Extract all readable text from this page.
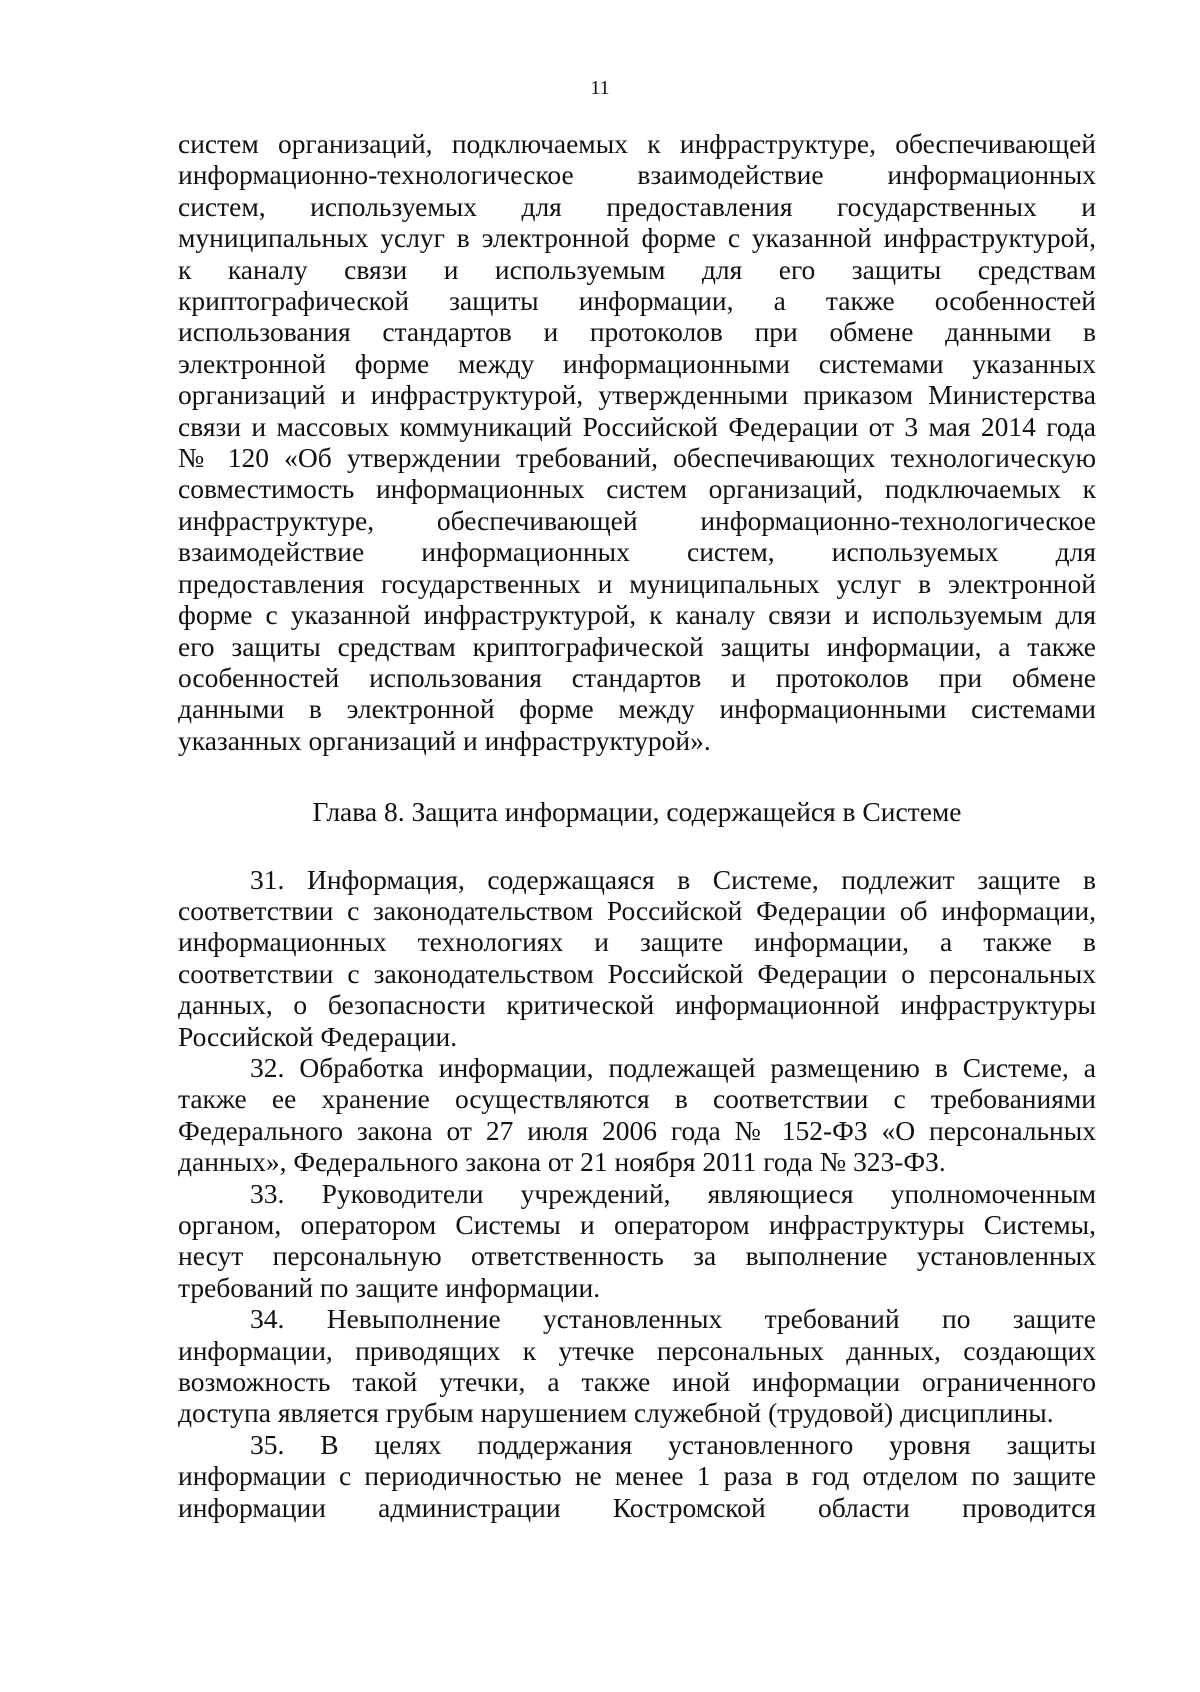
11

систем организаций, подключаемых к инфраструктуре, обеспечивающей
информационно-технологическое взаимодействие информационных
систем, используемых для предоставления государственных и
муниципальных услуг в электронной форме с указанной инфраструктурой,
к каналу связи и используемым для его защиты средствам
криптографической защиты информации, а также особенностей
использования стандартов и протоколов при обмене данными в
электронной форме между информационными системами указанных
организаций и инфраструктурой, утвержденными приказом Министерства
связи и массовых коммуникаций Российской Федерации от 3 мая 2014 года
№ 120 «Об утверждении требований, обеспечивающих технологическую
совместимость информационных систем организаций, подключаемых к
инфраструктуре, обеспечивающей информационно-технологическое
взаимодействие информационных систем, используемых для
предоставления государственных и муниципальных услуг в электронной
форме с указанной инфраструктурой, к каналу связи и используемым для
его защиты средствам криптографической защиты информации, а также
особенностей использования стандартов и протоколов при обмене
данными в электронной форме между информационными системами
указанных организаций и инфраструктурой».

Глава 8. Защита информации, содержащейся в Системе

31. Информация, содержащаяся в Системе, подлежит защите в
соответствии с законодательством Российской Федерации об информации,
информационных технологиях и защите информации, а также в
соответствии с законодательством Российской Федерации о персональных
данных, о безопасности критической информационной инфраструктуры
Российской Федерации.

32. Обработка информации, подлежащей размещению в Системе, а
также ее хранение осуществляются в соответствии с требованиями
Федерального закона от 27 июля 2006 года № 152-ФЗ «О персональных
данных», Федерального закона от 21 ноября 2011 года № 323-ФЗ.

33. Руководители учреждений, являющиеся уполномоченным
органом, оператором Системы и оператором инфраструктуры Системы,
несут персональную ответственность за выполнение установленных
требований по защите информации.

34. Невыполнение установленных требований по защите
информации, приводящих к утечке персональных данных, создающих
возможность такой утечки, а также иной информации ограниченного
доступа является грубым нарушением служебной (трудовой) дисциплины.

35. В целях поддержания установленного уровня защиты
информации с периодичностью не менее 1 раза в год отделом по защите
информации администрации Костромской области проводится
